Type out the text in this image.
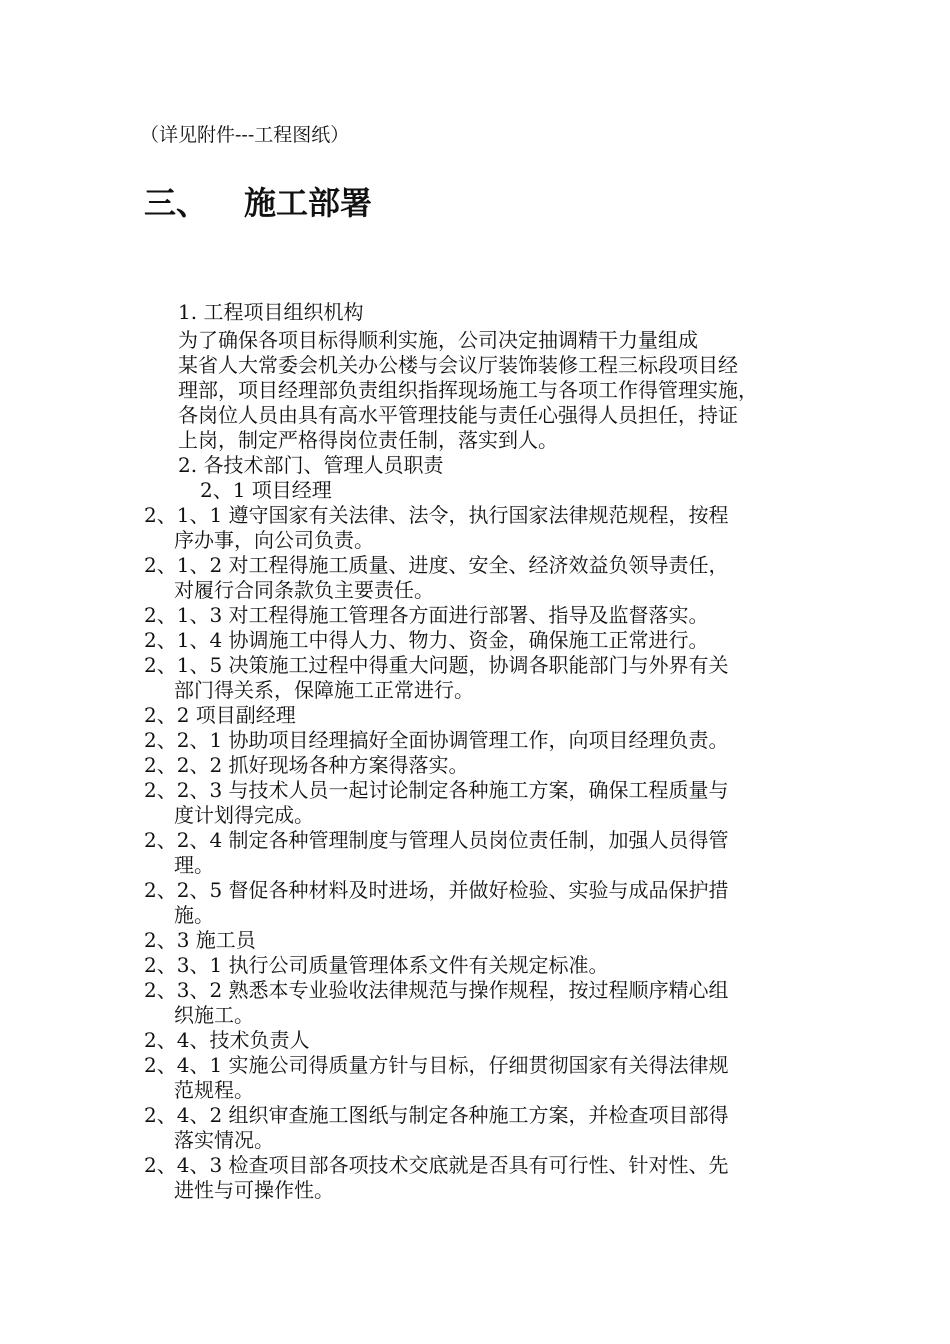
（详见附件---工程图纸）
三、 施工部署
1. 工程项目组织机构
为了确保各项目标得顺利实施，公司决定抽调精干力量组成
某省人大常委会机关办公楼与会议厅装饰装修工程三标段项目经
理部，项目经理部负责组织指挥现场施工与各项工作得管理实施，
各岗位人员由具有高水平管理技能与责任心强得人员担任，持证
上岗，制定严格得岗位责任制，落实到人。
2. 各技术部门、管理人员职责
2、1 项目经理
2、1、1 遵守国家有关法律、法令，执行国家法律规范规程，按程
序办事，向公司负责。
2、1、2 对工程得施工质量、进度、安全、经济效益负领导责任，
对履行合同条款负主要责任。
2、1、3 对工程得施工管理各方面进行部署、指导及监督落实。
2、1、4 协调施工中得人力、物力、资金，确保施工正常进行。
2、1、5 决策施工过程中得重大问题，协调各职能部门与外界有关
部门得关系，保障施工正常进行。
2、2 项目副经理
2、2、1 协助项目经理搞好全面协调管理工作，向项目经理负责。
2、2、2 抓好现场各种方案得落实。
2、2、3 与技术人员一起讨论制定各种施工方案，确保工程质量与
度计划得完成。
2、2、4 制定各种管理制度与管理人员岗位责任制，加强人员得管
理。
2、2、5 督促各种材料及时进场，并做好检验、实验与成品保护措
施。
2、3 施工员
2、3、1 执行公司质量管理体系文件有关规定标准。
2、3、2 熟悉本专业验收法律规范与操作规程，按过程顺序精心组
织施工。
2、4、技术负责人
2、4、1 实施公司得质量方针与目标，仔细贯彻国家有关得法律规
范规程。
2、4、2 组织审查施工图纸与制定各种施工方案，并检查项目部得
落实情况。
2、4、3 检查项目部各项技术交底就是否具有可行性、针对性、先
进性与可操作性。
